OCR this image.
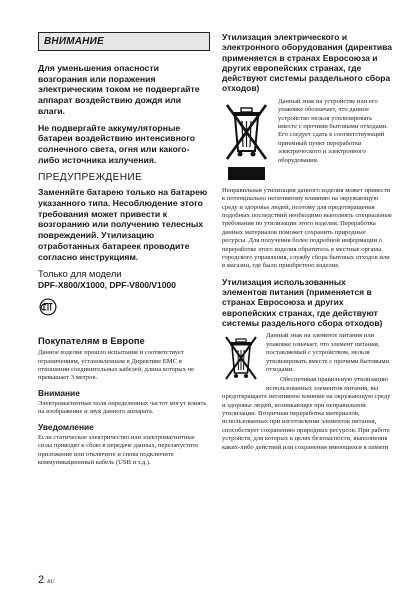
ВНИМАНИЕ

Для уменьшения опасности возгорания или поражения электрическим током не подвергайте аппарат воздействию дождя или влаги.

Не подвергайте аккумуляторные батареи воздействию интенсивного солнечного света, огня или какого-либо источника излучения.

ПРЕДУПРЕЖДЕНИЕ

Заменяйте батарею только на батарею указанного типа. Несоблюдение этого требования может привести к возгоранию или получению телесных повреждений. Утилизацию отработанных батареек проводите согласно инструкциям.

Только для модели
DPF-X800/X1000, DPF-V800/V1000
Покупателям в Европе

Данное изделие прошло испытания и соответствует ограничениям, установленным в Директиве EMC в отношении соединительных кабелей, длина которых не превышает 3 метров.

Внимание

Электромагнитные поля определенных частот могут влиять на изображение и звук данного аппарата.

Уведомление

Если статическое электричество или электромагнитные силы приводят к сбою в передаче данных, перезапустите приложение или отключите и снова подключите коммуникационный кабель (USB и т.д.).

Утилизация электрического и электронного оборудования (директива применяется в странах Евросоюза и других европейских странах, где действуют системы раздельного сбора отходов)

Данный знак на устройстве или его упаковке обозначает, что данное устройство нельзя утилизировать вместе с прочими бытовыми отходами. Его следует сдать в соответствующий приемный пункт переработки электрического и электронного оборудования.

Неправильная утилизация данного изделия может привести к потенциально негативному влиянию на окружающую среду и здоровье людей, поэтому для предотвращения подобных последствий необходимо выполнять специальные требования по утилизации этого изделия. Переработка данных материалов поможет сохранить природные ресурсы. Для получения более подробной информации о переработке этого изделия обратитесь в местные органы городского управления, службу сбора бытовых отходов или в магазин, где было приобретено изделие.

Утилизация использованных элементов питания (применяется в странах Евросоюза и других европейских странах, где действуют системы раздельного сбора отходов)

Данный знак на элементе питания или упаковке означает, что элемент питания, поставляемый с устройством, нельзя утилизировать вместе с прочими бытовыми отходами.

Обеспечивая правильную утилизацию использованных элементов питания, вы предотвращаете негативное влияние на окружающую среду и здоровье людей, возникающее при неправильной утилизации. Вторичная переработка материалов, использованных при изготовлении элементов питания, способствует сохранению природных ресурсов. При работе устройств, для которых в целях безопасности, выполнения каких-либо действий или сохранения имеющихся в памяти

2 RU
